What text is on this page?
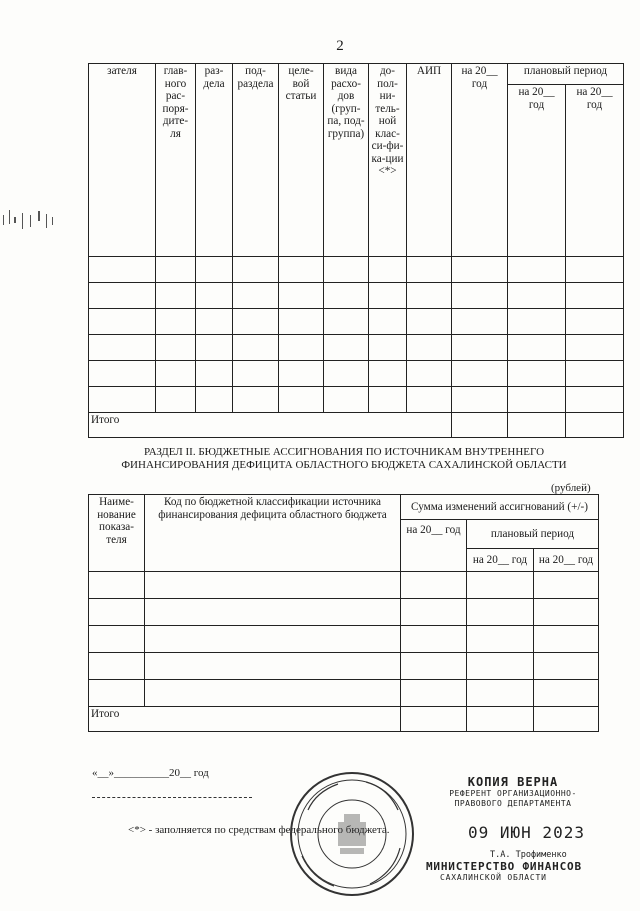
2
зателя	глав-ного рас-поря-дите-ля	раз-дела	под-раздела	целе-вой статьи	вида расхо-дов (груп-па, под-группа)	до-пол-ни-тель-ной клас-си-фи-ка-ции <*>	АИП	на 20__ год	плановый период	
									на 20__ год	на 20__ год

Итого										
РАЗДЕЛ II. БЮДЖЕТНЫЕ АССИГНОВАНИЯ ПО ИСТОЧНИКАМ ВНУТРЕННЕГО
ФИНАНСИРОВАНИЯ ДЕФИЦИТА ОБЛАСТНОГО БЮДЖЕТА САХАЛИНСКОЙ ОБЛАСТИ
(рублей)
Наиме-нование показа-теля	Код по бюджетной классификации источника финансирования дефицита областного бюджета	Сумма изменений ассигнований (+/-)		
		на 20__ год	плановый период	
			на 20__ год	на 20__ год

Итого				
«__»__________20__ год
<*> - заполняется по средствам федерального бюджета.
КОПИЯ ВЕРНА
РЕФЕРЕНТ ОРГАНИЗАЦИОННО-
ПРАВОВОГО ДЕПАРТАМЕНТА
09 ИЮН 2023
Т.А. Трофименко
МИНИСТЕРСТВО ФИНАНСОВ
САХАЛИНСКОЙ ОБЛАСТИ
